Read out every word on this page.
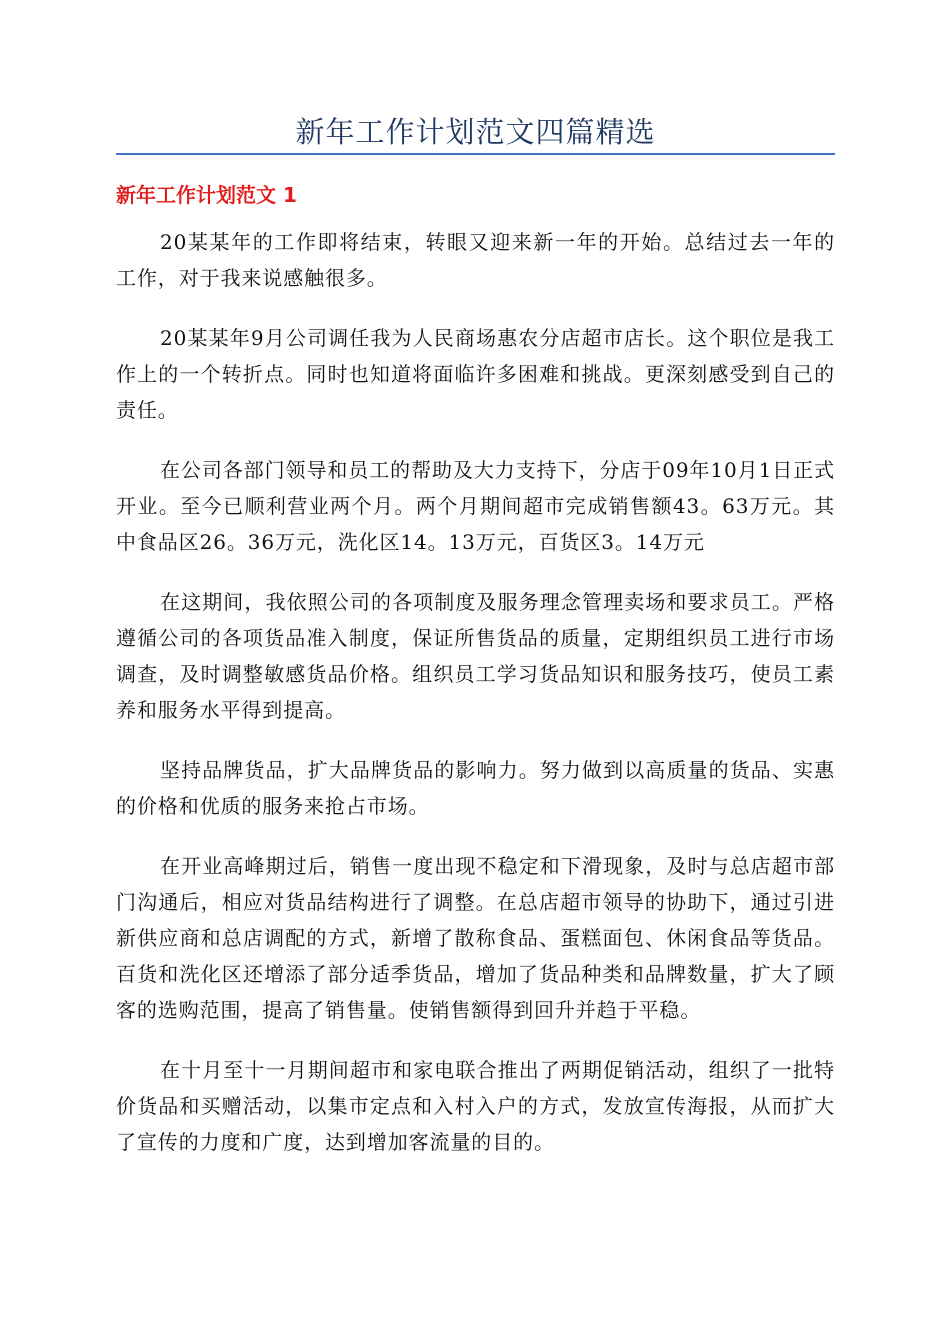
新年工作计划范文四篇精选
新年工作计划范文 1

20某某年的工作即将结束，转眼又迎来新一年的开始。总结过去一年的工作，对于我来说感触很多。

20某某年9月公司调任我为人民商场惠农分店超市店长。这个职位是我工作上的一个转折点。同时也知道将面临许多困难和挑战。更深刻感受到自己的责任。

在公司各部门领导和员工的帮助及大力支持下，分店于09年10月1日正式开业。至今已顺利营业两个月。两个月期间超市完成销售额43。63万元。其中食品区26。36万元，洗化区14。13万元，百货区3。14万元

在这期间，我依照公司的各项制度及服务理念管理卖场和要求员工。严格遵循公司的各项货品准入制度，保证所售货品的质量，定期组织员工进行市场调查，及时调整敏感货品价格。组织员工学习货品知识和服务技巧，使员工素养和服务水平得到提高。

坚持品牌货品，扩大品牌货品的影响力。努力做到以高质量的货品、实惠的价格和优质的服务来抢占市场。

在开业高峰期过后，销售一度出现不稳定和下滑现象，及时与总店超市部门沟通后，相应对货品结构进行了调整。在总店超市领导的协助下，通过引进新供应商和总店调配的方式，新增了散称食品、蛋糕面包、休闲食品等货品。百货和洗化区还增添了部分适季货品，增加了货品种类和品牌数量，扩大了顾客的选购范围，提高了销售量。使销售额得到回升并趋于平稳。

在十月至十一月期间超市和家电联合推出了两期促销活动，组织了一批特价货品和买赠活动，以集市定点和入村入户的方式，发放宣传海报，从而扩大了宣传的力度和广度，达到增加客流量的目的。
